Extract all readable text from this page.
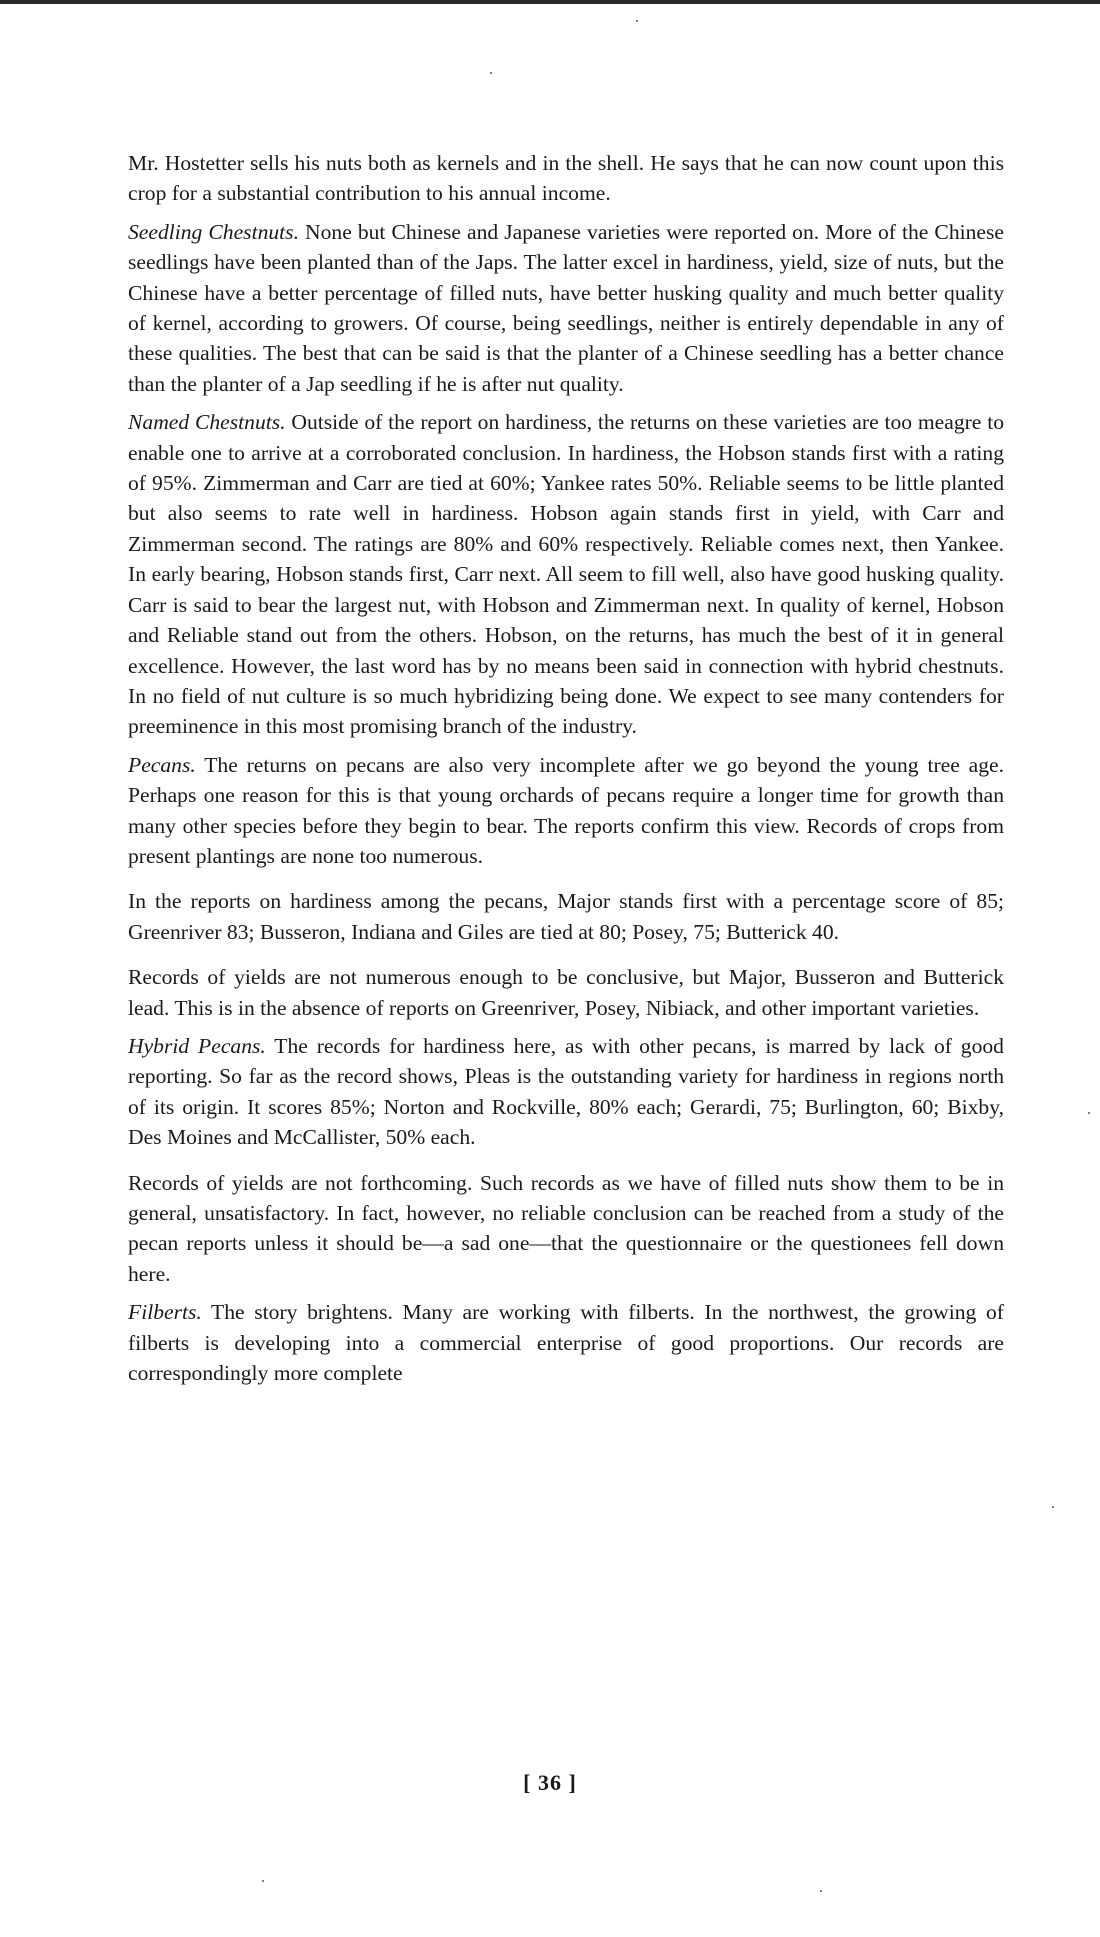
Mr. Hostetter sells his nuts both as kernels and in the shell. He says that he can now count upon this crop for a substantial contribution to his annual income.

Seedling Chestnuts. None but Chinese and Japanese varieties were reported on. More of the Chinese seedlings have been planted than of the Japs. The latter excel in hardiness, yield, size of nuts, but the Chinese have a better percentage of filled nuts, have better husking quality and much better quality of kernel, according to growers. Of course, being seedlings, neither is entirely dependable in any of these qualities. The best that can be said is that the planter of a Chinese seedling has a better chance than the planter of a Jap seedling if he is after nut quality.

Named Chestnuts. Outside of the report on hardiness, the returns on these varieties are too meagre to enable one to arrive at a corroborated conclusion. In hardiness, the Hobson stands first with a rating of 95%. Zimmerman and Carr are tied at 60%; Yankee rates 50%. Reliable seems to be little planted but also seems to rate well in hardiness. Hobson again stands first in yield, with Carr and Zimmerman second. The ratings are 80% and 60% respectively. Reliable comes next, then Yankee. In early bearing, Hobson stands first, Carr next. All seem to fill well, also have good husking quality. Carr is said to bear the largest nut, with Hobson and Zimmerman next. In quality of kernel, Hobson and Reliable stand out from the others. Hobson, on the returns, has much the best of it in general excellence. However, the last word has by no means been said in connection with hybrid chestnuts. In no field of nut culture is so much hybridizing being done. We expect to see many contenders for preeminence in this most promising branch of the industry.

Pecans. The returns on pecans are also very incomplete after we go beyond the young tree age. Perhaps one reason for this is that young orchards of pecans require a longer time for growth than many other species before they begin to bear. The reports confirm this view. Records of crops from present plantings are none too numerous.

In the reports on hardiness among the pecans, Major stands first with a percentage score of 85; Greenriver 83; Busseron, Indiana and Giles are tied at 80; Posey, 75; Butterick 40.

Records of yields are not numerous enough to be conclusive, but Major, Busseron and Butterick lead. This is in the absence of reports on Greenriver, Posey, Nibiack, and other important varieties.

Hybrid Pecans. The records for hardiness here, as with other pecans, is marred by lack of good reporting. So far as the record shows, Pleas is the outstanding variety for hardiness in regions north of its origin. It scores 85%; Norton and Rockville, 80% each; Gerardi, 75; Burlington, 60; Bixby, Des Moines and McCallister, 50% each.

Records of yields are not forthcoming. Such records as we have of filled nuts show them to be in general, unsatisfactory. In fact, however, no reliable conclusion can be reached from a study of the pecan reports unless it should be—a sad one—that the questionnaire or the questionees fell down here.

Filberts. The story brightens. Many are working with filberts. In the northwest, the growing of filberts is developing into a commercial enterprise of good proportions. Our records are correspondingly more complete

[ 36 ]
